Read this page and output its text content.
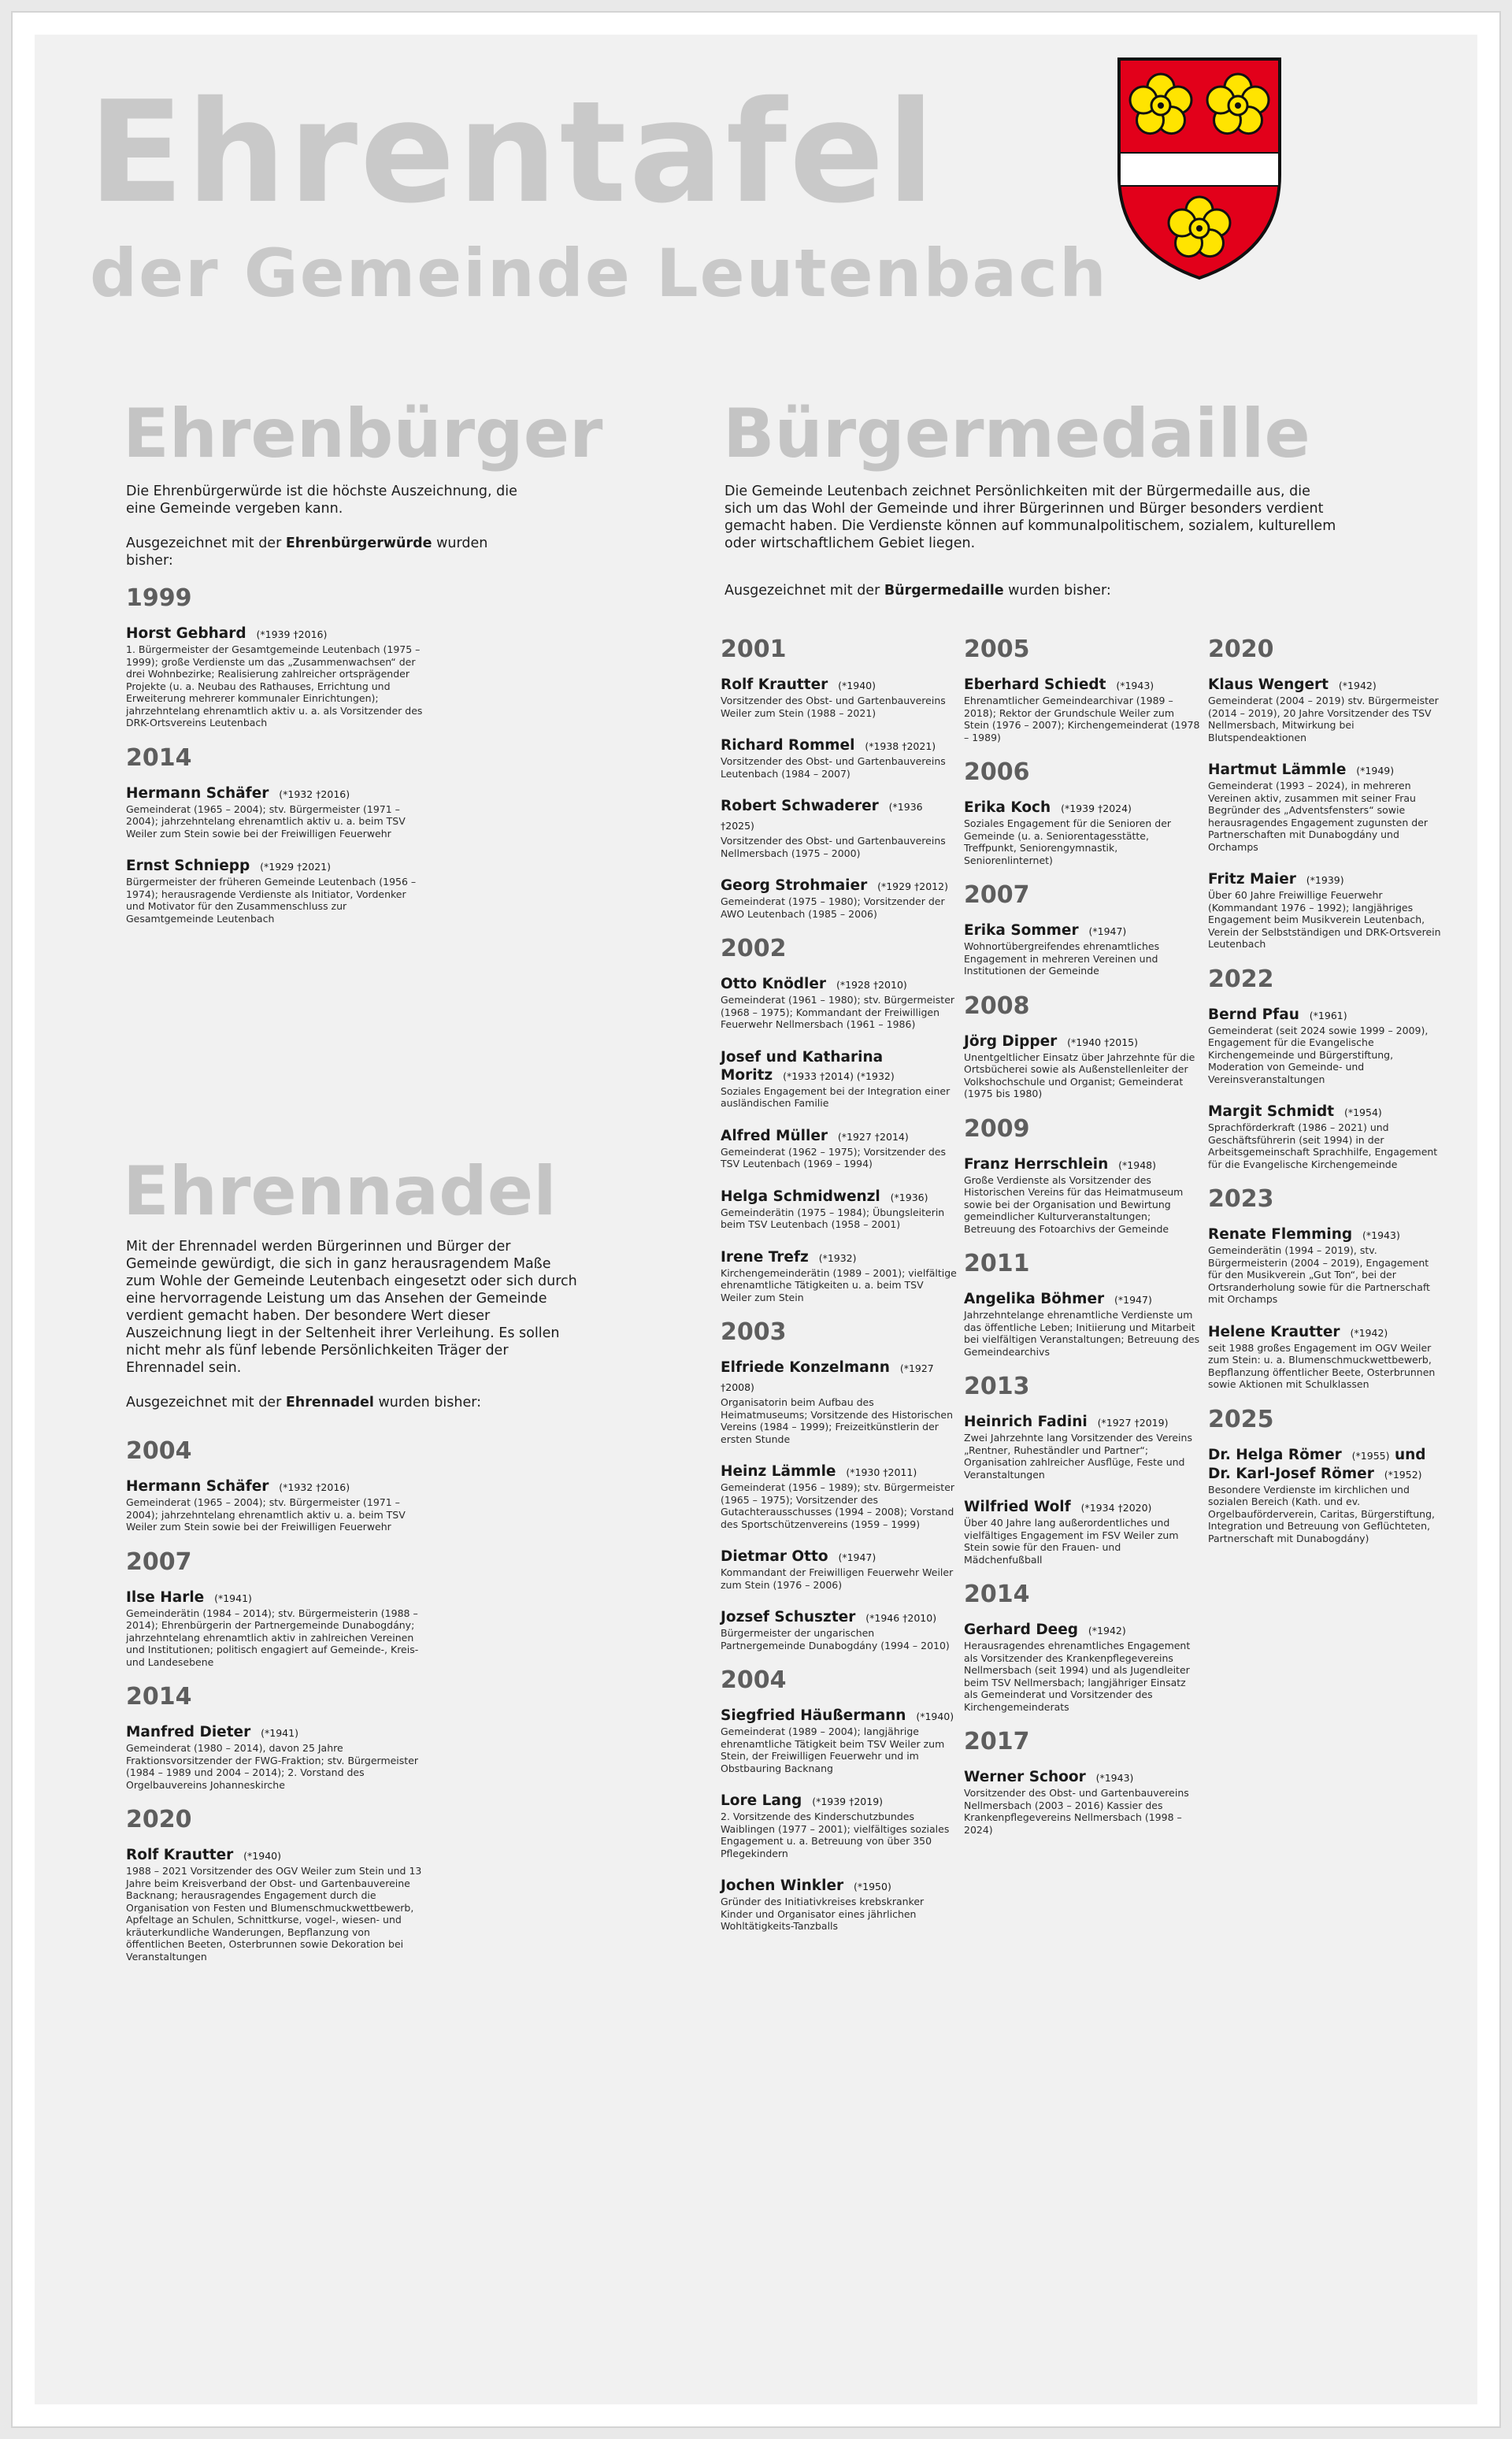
Ehrentafel
der Gemeinde Leutenbach
Ehrenbürger

Die Ehrenbürgerwürde ist die höchste Auszeichnung, die eine Gemeinde vergeben kann.

Ausgezeichnet mit der Ehrenbürgerwürde wurden bisher:

1999
Horst Gebhard (*1939 †2016)
1. Bürgermeister der Gesamtgemeinde Leutenbach (1975 – 1999); große Verdienste um das „Zusammenwachsen“ der drei Wohnbezirke; Realisierung zahlreicher ortsprägender Projekte (u. a. Neubau des Rathauses, Errichtung und Erweiterung mehrerer kommunaler Einrichtungen); jahrzehntelang ehrenamtlich aktiv u. a. als Vorsitzender des DRK-Ortsvereins Leutenbach
2014
Hermann Schäfer (*1932 †2016)
Gemeinderat (1965 – 2004); stv. Bürgermeister (1971 – 2004); jahrzehntelang ehrenamtlich aktiv u. a. beim TSV Weiler zum Stein sowie bei der Freiwilligen Feuerwehr
Ernst Schniepp (*1929 †2021)
Bürgermeister der früheren Gemeinde Leutenbach (1956 – 1974); herausragende Verdienste als Initiator, Vordenker und Motivator für den Zusammenschluss zur Gesamtgemeinde Leutenbach
Ehrennadel

Mit der Ehrennadel werden Bürgerinnen und Bürger der Gemeinde gewürdigt, die sich in ganz herausragendem Maße zum Wohle der Gemeinde Leutenbach eingesetzt oder sich durch eine hervorragende Leistung um das Ansehen der Gemeinde verdient gemacht haben. Der besondere Wert dieser Auszeichnung liegt in der Seltenheit ihrer Verleihung. Es sollen nicht mehr als fünf lebende Persönlichkeiten Träger der Ehrennadel sein.

Ausgezeichnet mit der Ehrennadel wurden bisher:

2004
Hermann Schäfer (*1932 †2016)
Gemeinderat (1965 – 2004); stv. Bürgermeister (1971 – 2004); jahrzehntelang ehrenamtlich aktiv u. a. beim TSV Weiler zum Stein sowie bei der Freiwilligen Feuerwehr
2007
Ilse Harle (*1941)
Gemeinderätin (1984 – 2014); stv. Bürgermeisterin (1988 – 2014); Ehrenbürgerin der Partnergemeinde Dunabogdány; jahrzehntelang ehrenamtlich aktiv in zahlreichen Vereinen und Institutionen; politisch engagiert auf Gemeinde-, Kreis- und Landesebene
2014
Manfred Dieter (*1941)
Gemeinderat (1980 – 2014), davon 25 Jahre Fraktionsvorsitzender der FWG-Fraktion; stv. Bürgermeister (1984 – 1989 und 2004 – 2014); 2. Vorstand des Orgelbauvereins Johanneskirche
2020
Rolf Krautter (*1940)
1988 – 2021 Vorsitzender des OGV Weiler zum Stein und 13 Jahre beim Kreisverband der Obst- und Gartenbauvereine Backnang; herausragendes Engagement durch die Organisation von Festen und Blumenschmuckwettbewerb, Apfeltage an Schulen, Schnittkurse, vogel-, wiesen- und kräuterkundliche Wanderungen, Bepflanzung von öffentlichen Beeten, Osterbrunnen sowie Dekoration bei Veranstaltungen
Bürgermedaille

Die Gemeinde Leutenbach zeichnet Persönlichkeiten mit der Bürgermedaille aus, die sich um das Wohl der Gemeinde und ihrer Bürgerinnen und Bürger besonders verdient gemacht haben. Die Verdienste können auf kommunalpolitischem, sozialem, kulturellem oder wirtschaftlichem Gebiet liegen.

Ausgezeichnet mit der Bürgermedaille wurden bisher:

2001
Rolf Krautter (*1940)
Vorsitzender des Obst- und Gartenbauvereins Weiler zum Stein (1988 – 2021)
Richard Rommel (*1938 †2021)
Vorsitzender des Obst- und Gartenbauvereins Leutenbach (1984 – 2007)
Robert Schwaderer (*1936 †2025)
Vorsitzender des Obst- und Gartenbauvereins Nellmersbach (1975 – 2000)
Georg Strohmaier (*1929 †2012)
Gemeinderat (1975 – 1980); Vorsitzender der AWO Leutenbach (1985 – 2006)
2002
Otto Knödler (*1928 †2010)
Gemeinderat (1961 – 1980); stv. Bürgermeister (1968 – 1975); Kommandant der Freiwilligen Feuerwehr Nellmersbach (1961 – 1986)
Josef und Katharina Moritz (*1933 †2014) (*1932)
Soziales Engagement bei der Integration einer ausländischen Familie
Alfred Müller (*1927 †2014)
Gemeinderat (1962 – 1975); Vorsitzender des TSV Leutenbach (1969 – 1994)
Helga Schmidwenzl (*1936)
Gemeinderätin (1975 – 1984); Übungsleiterin beim TSV Leutenbach (1958 – 2001)
Irene Trefz (*1932)
Kirchengemeinderätin (1989 – 2001); vielfältige ehrenamtliche Tätigkeiten u. a. beim TSV Weiler zum Stein
2003
Elfriede Konzelmann (*1927 †2008)
Organisatorin beim Aufbau des Heimatmuseums; Vorsitzende des Historischen Vereins (1984 – 1999); Freizeitkünstlerin der ersten Stunde
Heinz Lämmle (*1930 †2011)
Gemeinderat (1956 – 1989); stv. Bürgermeister (1965 – 1975); Vorsitzender des Gutachterausschusses (1994 – 2008); Vorstand des Sportschützenvereins (1959 – 1999)
Dietmar Otto (*1947)
Kommandant der Freiwilligen Feuerwehr Weiler zum Stein (1976 – 2006)
Jozsef Schuszter (*1946 †2010)
Bürgermeister der ungarischen Partnergemeinde Dunabogdány (1994 – 2010)
2004
Siegfried Häußermann (*1940)
Gemeinderat (1989 – 2004); langjährige ehrenamtliche Tätigkeit beim TSV Weiler zum Stein, der Freiwilligen Feuerwehr und im Obstbauring Backnang
Lore Lang (*1939 †2019)
2. Vorsitzende des Kinderschutzbundes Waiblingen (1977 – 2001); vielfältiges soziales Engagement u. a. Betreuung von über 350 Pflegekindern
Jochen Winkler (*1950)
Gründer des Initiativkreises krebskranker Kinder und Organisator eines jährlichen Wohltätigkeits-Tanzballs
2005
Eberhard Schiedt (*1943)
Ehrenamtlicher Gemeindearchivar (1989 – 2018); Rektor der Grundschule Weiler zum Stein (1976 – 2007); Kirchengemeinderat (1978 – 1989)
2006
Erika Koch (*1939 †2024)
Soziales Engagement für die Senioren der Gemeinde (u. a. Seniorentagesstätte, Treffpunkt, Seniorengymnastik, Seniorenlinternet)
2007
Erika Sommer (*1947)
Wohnortübergreifendes ehrenamtliches Engagement in mehreren Vereinen und Institutionen der Gemeinde
2008
Jörg Dipper (*1940 †2015)
Unentgeltlicher Einsatz über Jahrzehnte für die Ortsbücherei sowie als Außenstellenleiter der Volkshochschule und Organist; Gemeinderat (1975 bis 1980)
2009
Franz Herrschlein (*1948)
Große Verdienste als Vorsitzender des Historischen Vereins für das Heimatmuseum sowie bei der Organisation und Bewirtung gemeindlicher Kulturveranstaltungen; Betreuung des Fotoarchivs der Gemeinde
2011
Angelika Böhmer (*1947)
Jahrzehntelange ehrenamtliche Verdienste um das öffentliche Leben; Initiierung und Mitarbeit bei vielfältigen Veranstaltungen; Betreuung des Gemeindearchivs
2013
Heinrich Fadini (*1927 †2019)
Zwei Jahrzehnte lang Vorsitzender des Vereins „Rentner, Ruheständler und Partner“; Organisation zahlreicher Ausflüge, Feste und Veranstaltungen
Wilfried Wolf (*1934 †2020)
Über 40 Jahre lang außerordentliches und vielfältiges Engagement im FSV Weiler zum Stein sowie für den Frauen- und Mädchenfußball
2014
Gerhard Deeg (*1942)
Herausragendes ehrenamtliches Engagement als Vorsitzender des Krankenpflegevereins Nellmersbach (seit 1994) und als Jugendleiter beim TSV Nellmersbach; langjähriger Einsatz als Gemeinderat und Vorsitzender des Kirchengemeinderats
2017
Werner Schoor (*1943)
Vorsitzender des Obst- und Gartenbauvereins Nellmersbach (2003 – 2016) Kassier des Krankenpflegevereins Nellmersbach (1998 – 2024)
2020
Klaus Wengert (*1942)
Gemeinderat (2004 – 2019) stv. Bürgermeister (2014 – 2019), 20 Jahre Vorsitzender des TSV Nellmersbach, Mitwirkung bei Blutspendeaktionen
Hartmut Lämmle (*1949)
Gemeinderat (1993 – 2024), in mehreren Vereinen aktiv, zusammen mit seiner Frau Begründer des „Adventsfensters“ sowie herausragendes Engagement zugunsten der Partnerschaften mit Dunabogdány und Orchamps
Fritz Maier (*1939)
Über 60 Jahre Freiwillige Feuerwehr (Kommandant 1976 – 1992); langjähriges Engagement beim Musikverein Leutenbach, Verein der Selbstständigen und DRK-Ortsverein Leutenbach
2022
Bernd Pfau (*1961)
Gemeinderat (seit 2024 sowie 1999 – 2009), Engagement für die Evangelische Kirchengemeinde und Bürgerstiftung, Moderation von Gemeinde- und Vereinsveranstaltungen
Margit Schmidt (*1954)
Sprachförderkraft (1986 – 2021) und Geschäftsführerin (seit 1994) in der Arbeitsgemeinschaft Sprachhilfe, Engagement für die Evangelische Kirchengemeinde
2023
Renate Flemming (*1943)
Gemeinderätin (1994 – 2019), stv. Bürgermeisterin (2004 – 2019), Engagement für den Musikverein „Gut Ton“, bei der Ortsranderholung sowie für die Partnerschaft mit Orchamps
Helene Krautter (*1942)
seit 1988 großes Engagement im OGV Weiler zum Stein: u. a. Blumenschmuckwettbewerb, Bepflanzung öffentlicher Beete, Osterbrunnen sowie Aktionen mit Schulklassen
2025
Dr. Helga Römer (*1955) und
Dr. Karl-Josef Römer (*1952)
Besondere Verdienste im kirchlichen und sozialen Bereich (Kath. und ev. Orgelbauförderverein, Caritas, Bürgerstiftung, Integration und Betreuung von Geflüchteten, Partnerschaft mit Dunabogdány)
